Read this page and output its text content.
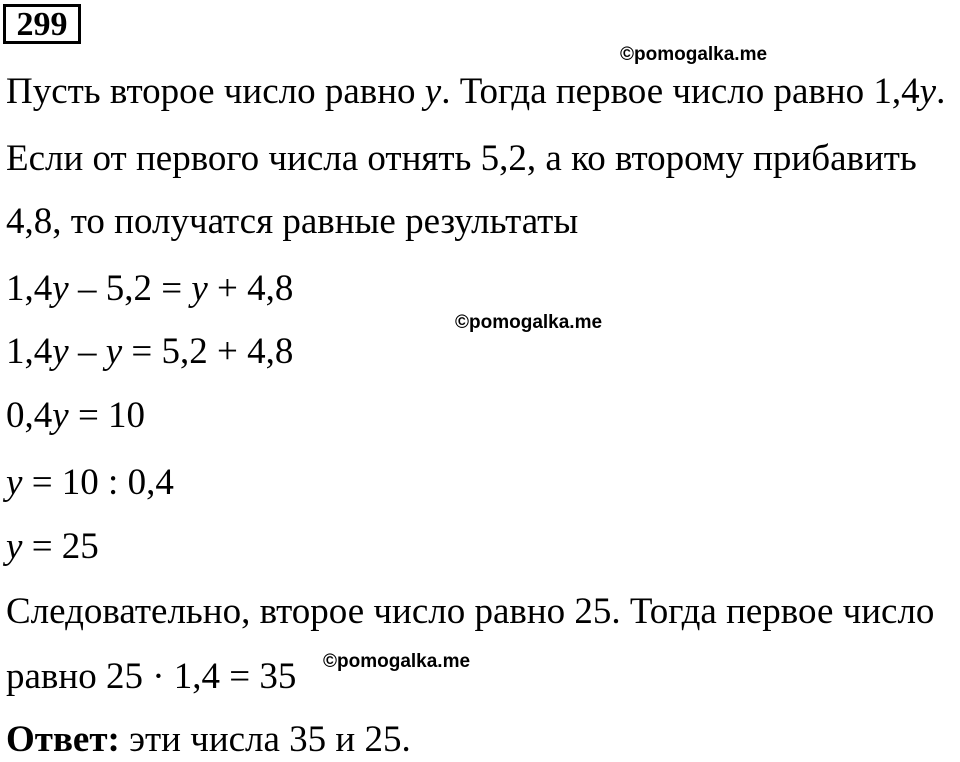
299
©pomogalka.me
Пусть второе число равно y. Тогда первое число равно 1,4y.
Если от первого числа отнять 5,2, а ко второму прибавить
4,8, то получатся равные результаты
1,4y – 5,2 = y + 4,8
©pomogalka.me
1,4y – y = 5,2 + 4,8
0,4y = 10
y = 10 : 0,4
y = 25
Следовательно, второе число равно 25. Тогда первое число
равно 25 · 1,4 = 35 ©pomogalka.me
Ответ: эти числа 35 и 25.
